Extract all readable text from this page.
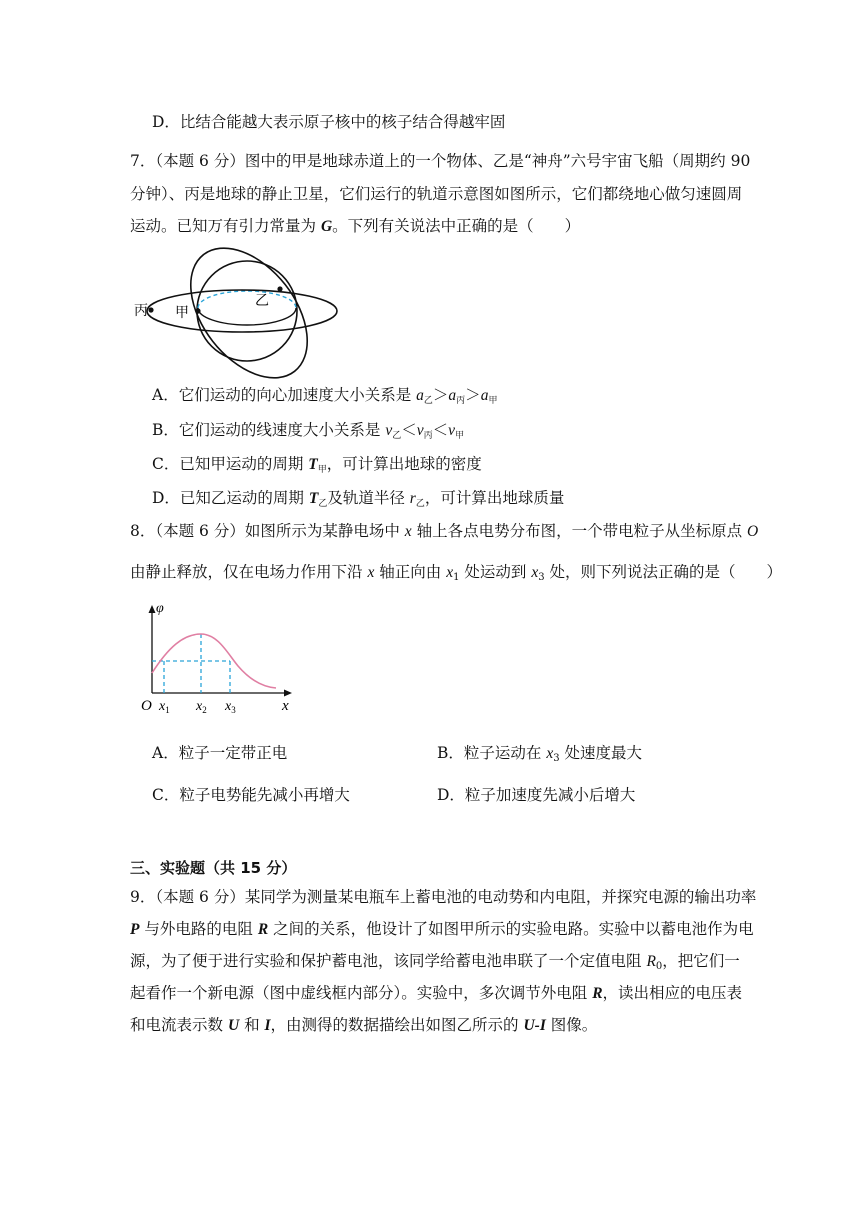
D．比结合能越大表示原子核中的核子结合得越牢固
7．（本题 6 分）图中的甲是地球赤道上的一个物体、乙是“神舟”六号宇宙飞船（周期约 90
分钟）、丙是地球的静止卫星，它们运行的轨道示意图如图所示，它们都绕地心做匀速圆周
运动。已知万有引力常量为 G。下列有关说法中正确的是（　　）
丙 甲
乙
A．它们运动的向心加速度大小关系是 $a_乙>a_丙>a_甲$
B．它们运动的线速度大小关系是 $v_乙<v_丙<v_甲$
C．已知甲运动的周期 $T_甲$，可计算出地球的密度
D．已知乙运动的周期 $T_乙$及轨道半径 $r_乙$，可计算出地球质量
8．（本题 6 分）如图所示为某静电场中 x 轴上各点电势分布图，一个带电粒子从坐标原点 O
由静止释放，仅在电场力作用下沿 x 轴正向由 $x_1$ 处运动到 $x_3$ 处，则下列说法正确的是（　　）
φ
O $x_1$ $x_2$ $x_3$	x
A．粒子一定带正电	B．粒子运动在 $x_3$ 处速度最大
C．粒子电势能先减小再增大	D．粒子加速度先减小后增大
三、实验题（共 15 分）
9．（本题 6 分）某同学为测量某电瓶车上蓄电池的电动势和内电阻，并探究电源的输出功率
P 与外电路的电阻 R 之间的关系，他设计了如图甲所示的实验电路。实验中以蓄电池作为电
源，为了便于进行实验和保护蓄电池，该同学给蓄电池串联了一个定值电阻 $R_0$，把它们一
起看作一个新电源（图中虚线框内部分）。实验中，多次调节外电阻 R，读出相应的电压表
和电流表示数 U 和 I，由测得的数据描绘出如图乙所示的 U-I 图像。
